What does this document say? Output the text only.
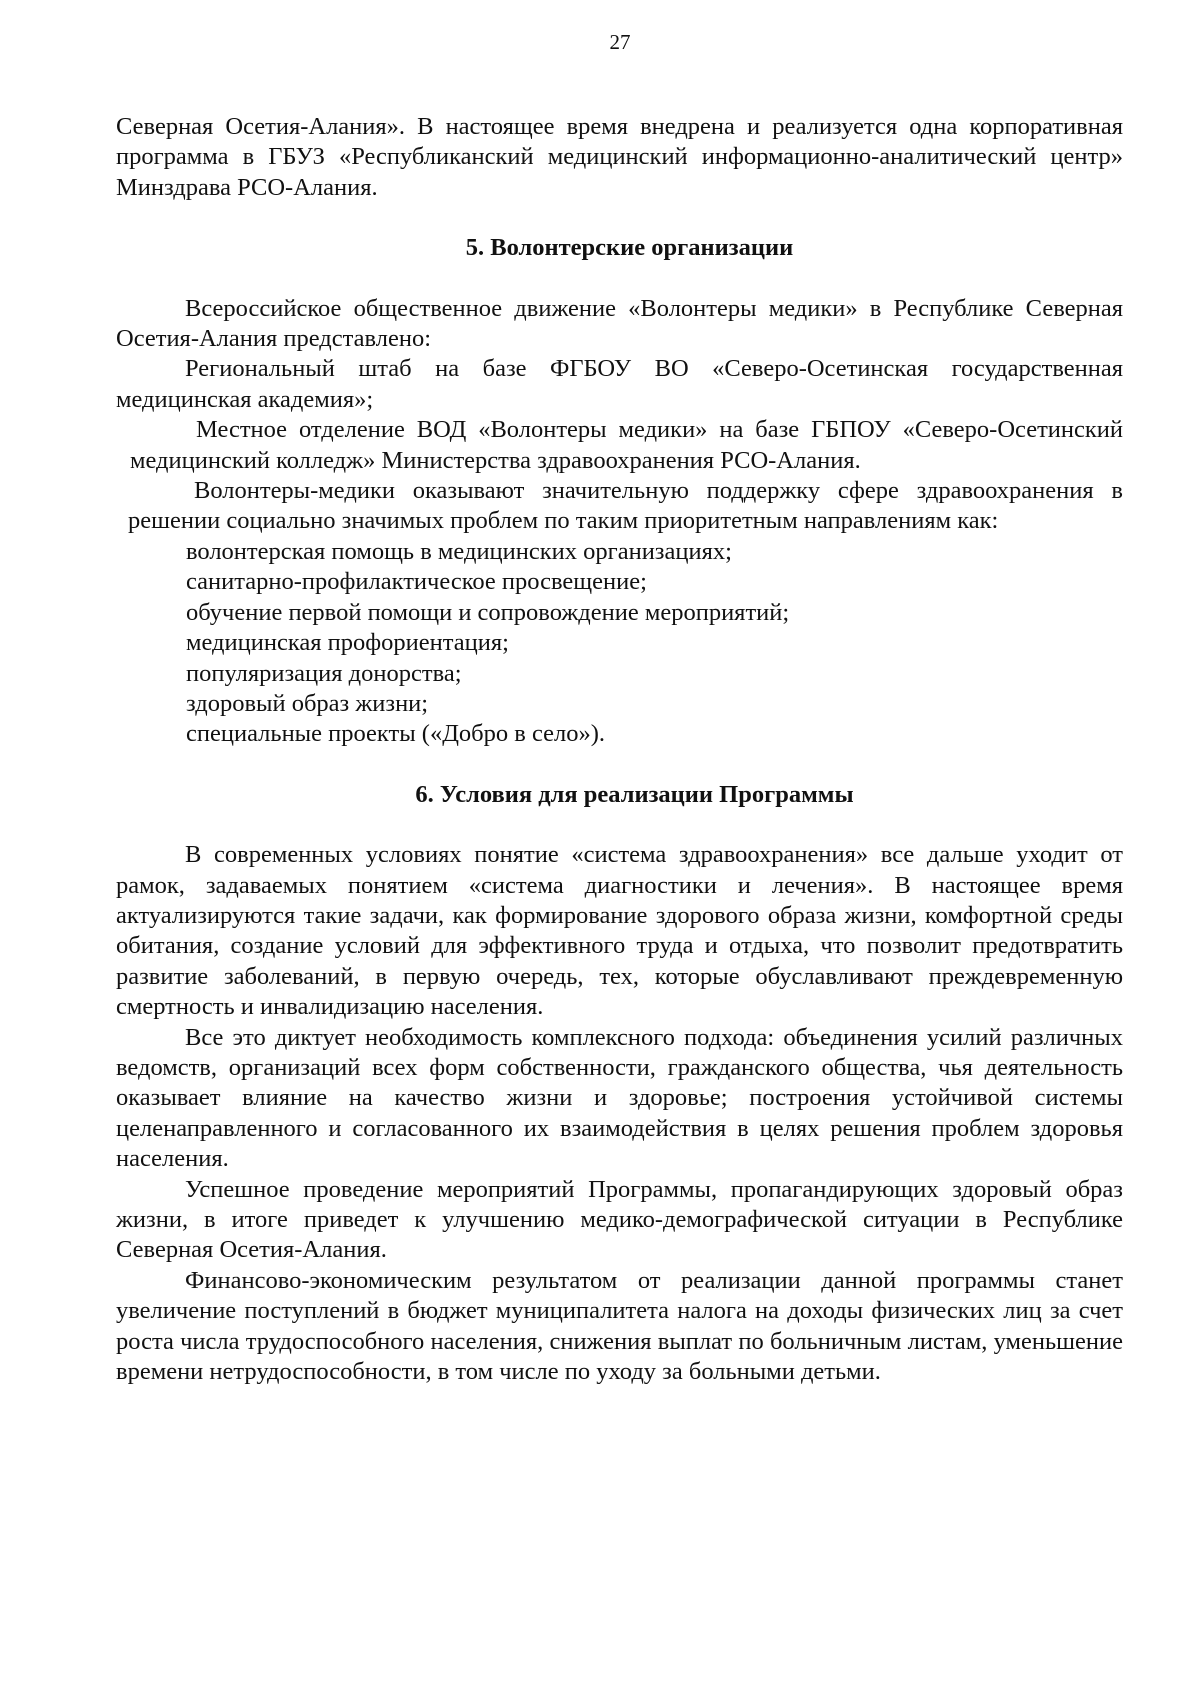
27

Северная Осетия-Алания». В настоящее время внедрена и реализуется одна корпоративная программа в ГБУЗ «Республиканский медицинский информационно-аналитический центр» Минздрава РСО-Алания.

5. Волонтерские организации

Всероссийское общественное движение «Волонтеры медики» в Республике Северная Осетия-Алания представлено:

Региональный штаб на базе ФГБОУ ВО «Северо-Осетинская государственная медицинская академия»;

Местное отделение ВОД «Волонтеры медики» на базе ГБПОУ «Северо-Осетинский медицинский колледж» Министерства здравоохранения РСО-Алания.

Волонтеры-медики оказывают значительную поддержку сфере здравоохранения в решении социально значимых проблем по таким приоритетным направлениям как:

волонтерская помощь в медицинских организациях;
санитарно-профилактическое просвещение;
обучение первой помощи и сопровождение мероприятий;
медицинская профориентация;
популяризация донорства;
здоровый образ жизни;
специальные проекты («Добро в село»).

6. Условия для реализации Программы

В современных условиях понятие «система здравоохранения» все дальше уходит от рамок, задаваемых понятием «система диагностики и лечения». В настоящее время актуализируются такие задачи, как формирование здорового образа жизни, комфортной среды обитания, создание условий для эффективного труда и отдыха, что позволит предотвратить развитие заболеваний, в первую очередь, тех, которые обуславливают преждевременную смертность и инвалидизацию населения.

Все это диктует необходимость комплексного подхода: объединения усилий различных ведомств, организаций всех форм собственности, гражданского общества, чья деятельность оказывает влияние на качество жизни и здоровье; построения устойчивой системы целенаправленного и согласованного их взаимодействия в целях решения проблем здоровья населения.

Успешное проведение мероприятий Программы, пропагандирующих здоровый образ жизни, в итоге приведет к улучшению медико-демографической ситуации в Республике Северная Осетия-Алания.

Финансово-экономическим результатом от реализации данной программы станет увеличение поступлений в бюджет муниципалитета налога на доходы физических лиц за счет роста числа трудоспособного населения, снижения выплат по больничным листам, уменьшение времени нетрудоспособности, в том числе по уходу за больными детьми.
